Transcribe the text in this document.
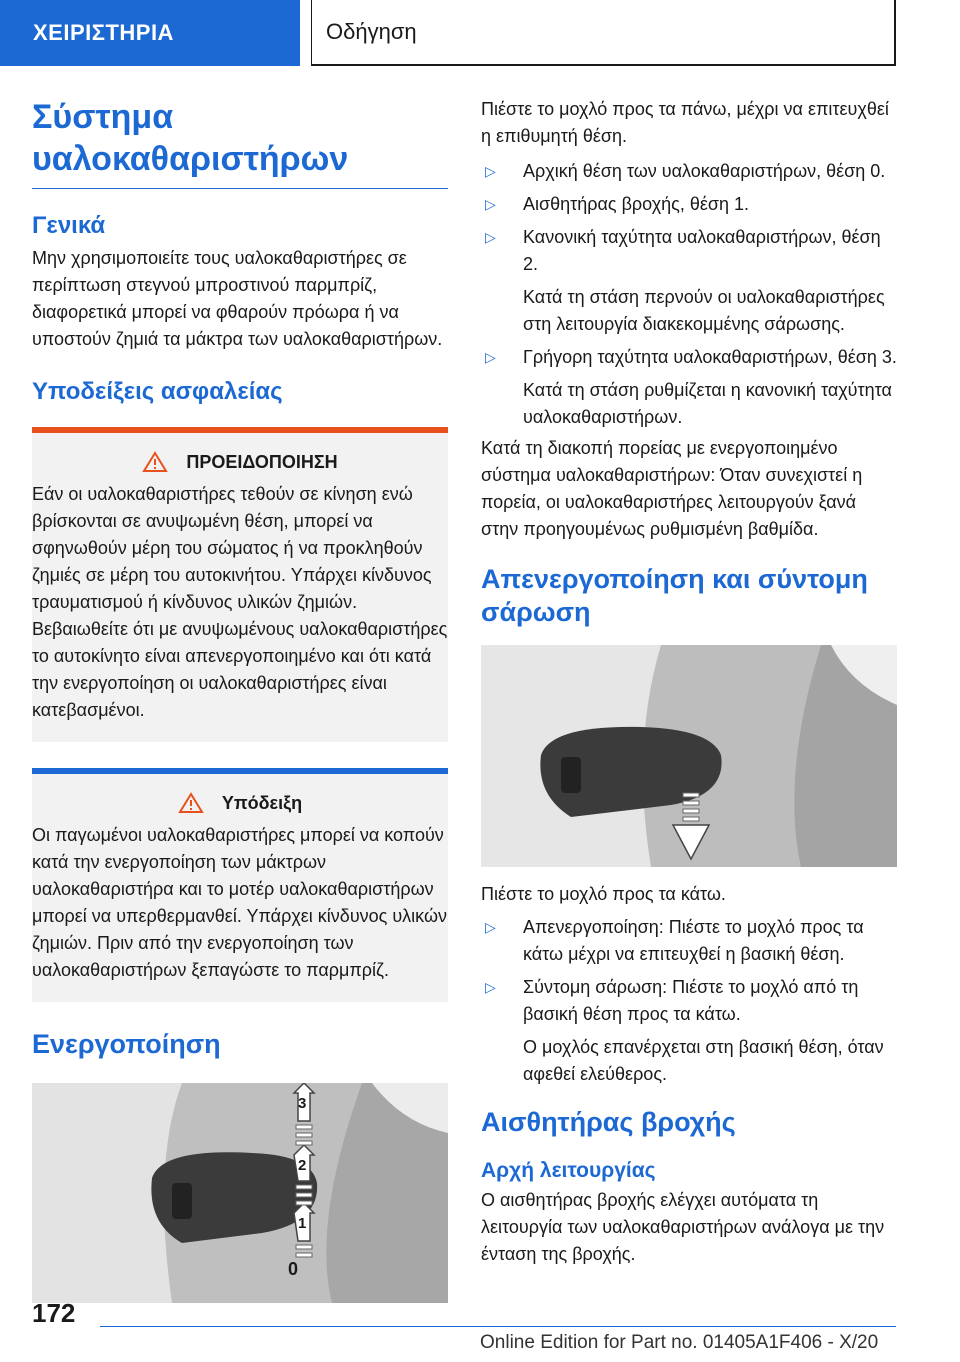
ΧΕΙΡΙΣΤΗΡΙΑ	Οδήγηση
Σύστημα υαλοκαθαριστήρων
Γενικά

Μην χρησιμοποιείτε τους υαλοκαθαριστήρες σε περίπτωση στεγνού μπροστινού παρμπρίζ, διαφορετικά μπορεί να φθαρούν πρόωρα ή να υποστούν ζημιά τα μάκτρα των υαλοκαθαριστήρων.

Υποδείξεις ασφαλείας
ΠΡΟΕΙΔΟΠΟΙΗΣΗ

Εάν οι υαλοκαθαριστήρες τεθούν σε κίνηση ενώ βρίσκονται σε ανυψωμένη θέση, μπορεί να σφηνωθούν μέρη του σώματος ή να προκληθούν ζημιές σε μέρη του αυτοκινήτου. Υπάρχει κίνδυνος τραυματισμού ή κίνδυνος υλικών ζημιών. Βεβαιωθείτε ότι με ανυψωμένους υαλοκαθαριστήρες το αυτοκίνητο είναι απενεργοποιημένο και ότι κατά την ενεργοποίηση οι υαλοκαθαριστήρες είναι κατεβασμένοι.

Υπόδειξη

Οι παγωμένοι υαλοκαθαριστήρες μπορεί να κοπούν κατά την ενεργοποίηση των μάκτρων υαλοκαθαριστήρα και το μοτέρ υαλοκαθαριστήρων μπορεί να υπερθερμανθεί. Υπάρχει κίνδυνος υλικών ζημιών. Πριν από την ενεργοποίηση των υαλοκαθαριστήρων ξεπαγώστε το παρμπρίζ.

Ενεργοποίηση
3
2
1
0

Πιέστε το μοχλό προς τα πάνω, μέχρι να επιτευχθεί η επιθυμητή θέση.

▷	Αρχική θέση των υαλοκαθαριστήρων, θέση 0.
▷	Αισθητήρας βροχής, θέση 1.
▷	Κανονική ταχύτητα υαλοκαθαριστήρων, θέση 2.
Κατά τη στάση περνούν οι υαλοκαθαριστήρες στη λειτουργία διακεκομμένης σάρωσης.
▷	Γρήγορη ταχύτητα υαλοκαθαριστήρων, θέση 3.
Κατά τη στάση ρυθμίζεται η κανονική ταχύτητα υαλοκαθαριστήρων.

Κατά τη διακοπή πορείας με ενεργοποιημένο σύστημα υαλοκαθαριστήρων: Όταν συνεχιστεί η πορεία, οι υαλοκαθαριστήρες λειτουργούν ξανά στην προηγουμένως ρυθμισμένη βαθμίδα.

Απενεργοποίηση και σύντομη σάρωση

Πιέστε το μοχλό προς τα κάτω.

▷	Απενεργοποίηση: Πιέστε το μοχλό προς τα κάτω μέχρι να επιτευχθεί η βασική θέση.
▷	Σύντομη σάρωση: Πιέστε το μοχλό από τη βασική θέση προς τα κάτω.
Ο μοχλός επανέρχεται στη βασική θέση, όταν αφεθεί ελεύθερος.
Αισθητήρας βροχής
Αρχή λειτουργίας

Ο αισθητήρας βροχής ελέγχει αυτόματα τη λειτουργία των υαλοκαθαριστήρων ανάλογα με την ένταση της βροχής.

172
Online Edition for Part no. 01405A1F406 - X/20
